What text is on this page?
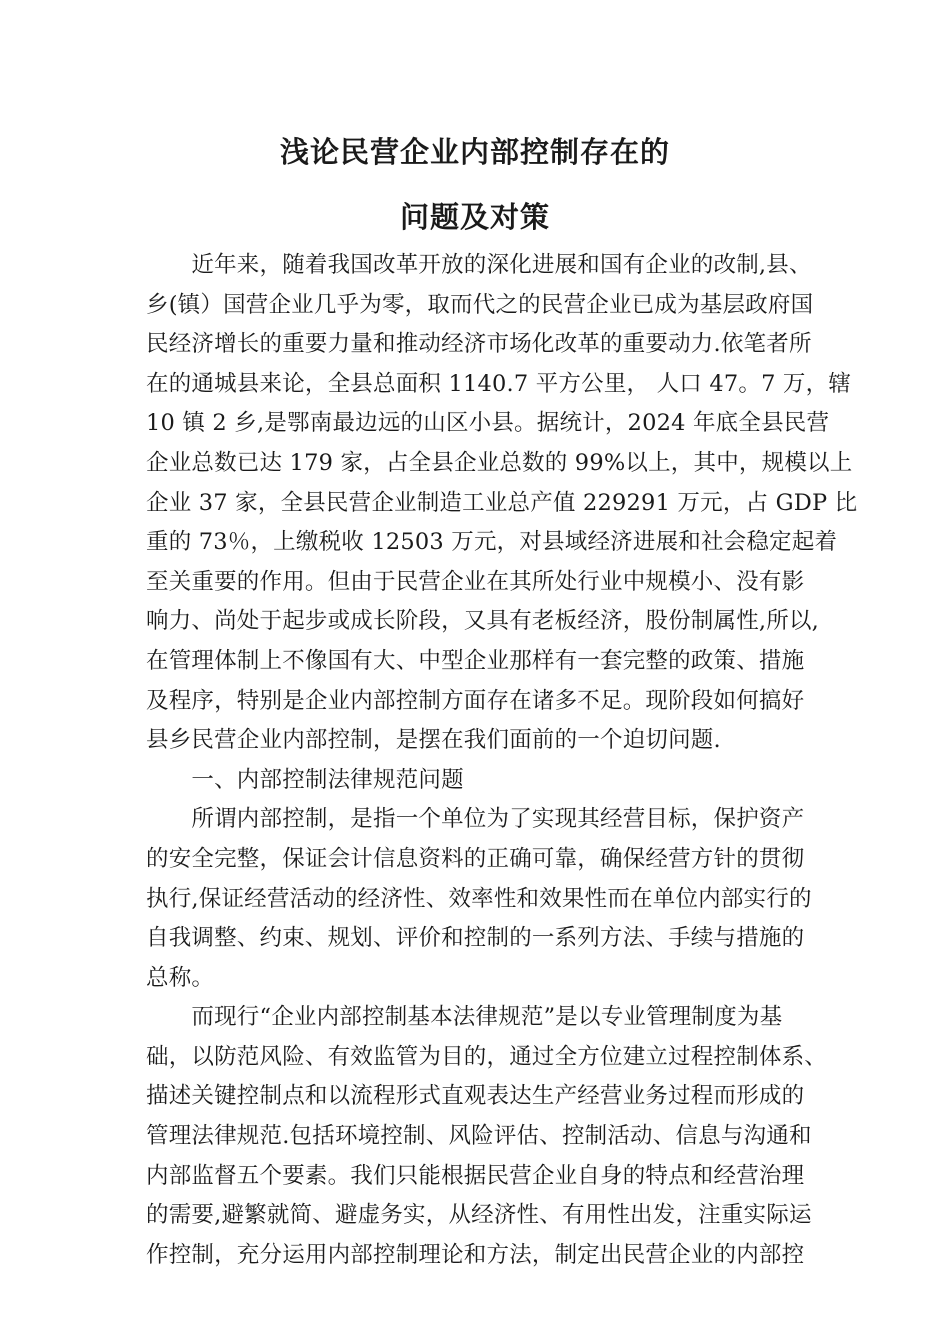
浅论民营企业内部控制存在的
问题及对策
　　近年来，随着我国改革开放的深化进展和国有企业的改制,县、
乡(镇）国营企业几乎为零，取而代之的民营企业已成为基层政府国
民经济增长的重要力量和推动经济市场化改革的重要动力.依笔者所
在的通城县来论，全县总面积 1140.7 平方公里， 人口 47。7 万，辖
10 镇 2 乡,是鄂南最边远的山区小县。据统计，2024 年底全县民营
企业总数已达 179 家，占全县企业总数的 99%以上，其中，规模以上
企业 37 家，全县民营企业制造工业总产值 229291 万元，占 GDP 比
重的 73％，上缴税收 12503 万元，对县域经济进展和社会稳定起着
至关重要的作用。但由于民营企业在其所处行业中规模小、没有影
响力、尚处于起步或成长阶段，又具有老板经济，股份制属性,所以,
在管理体制上不像国有大、中型企业那样有一套完整的政策、措施
及程序，特别是企业内部控制方面存在诸多不足。现阶段如何搞好
县乡民营企业内部控制，是摆在我们面前的一个迫切问题.
　　一、内部控制法律规范问题
　　所谓内部控制，是指一个单位为了实现其经营目标，保护资产
的安全完整，保证会计信息资料的正确可靠，确保经营方针的贯彻
执行,保证经营活动的经济性、效率性和效果性而在单位内部实行的
自我调整、约束、规划、评价和控制的一系列方法、手续与措施的
总称。
　　而现行“企业内部控制基本法律规范”是以专业管理制度为基
础，以防范风险、有效监管为目的，通过全方位建立过程控制体系、
描述关键控制点和以流程形式直观表达生产经营业务过程而形成的
管理法律规范.包括环境控制、风险评估、控制活动、信息与沟通和
内部监督五个要素。我们只能根据民营企业自身的特点和经营治理
的需要,避繁就简、避虚务实，从经济性、有用性出发，注重实际运
作控制，充分运用内部控制理论和方法，制定出民营企业的内部控
